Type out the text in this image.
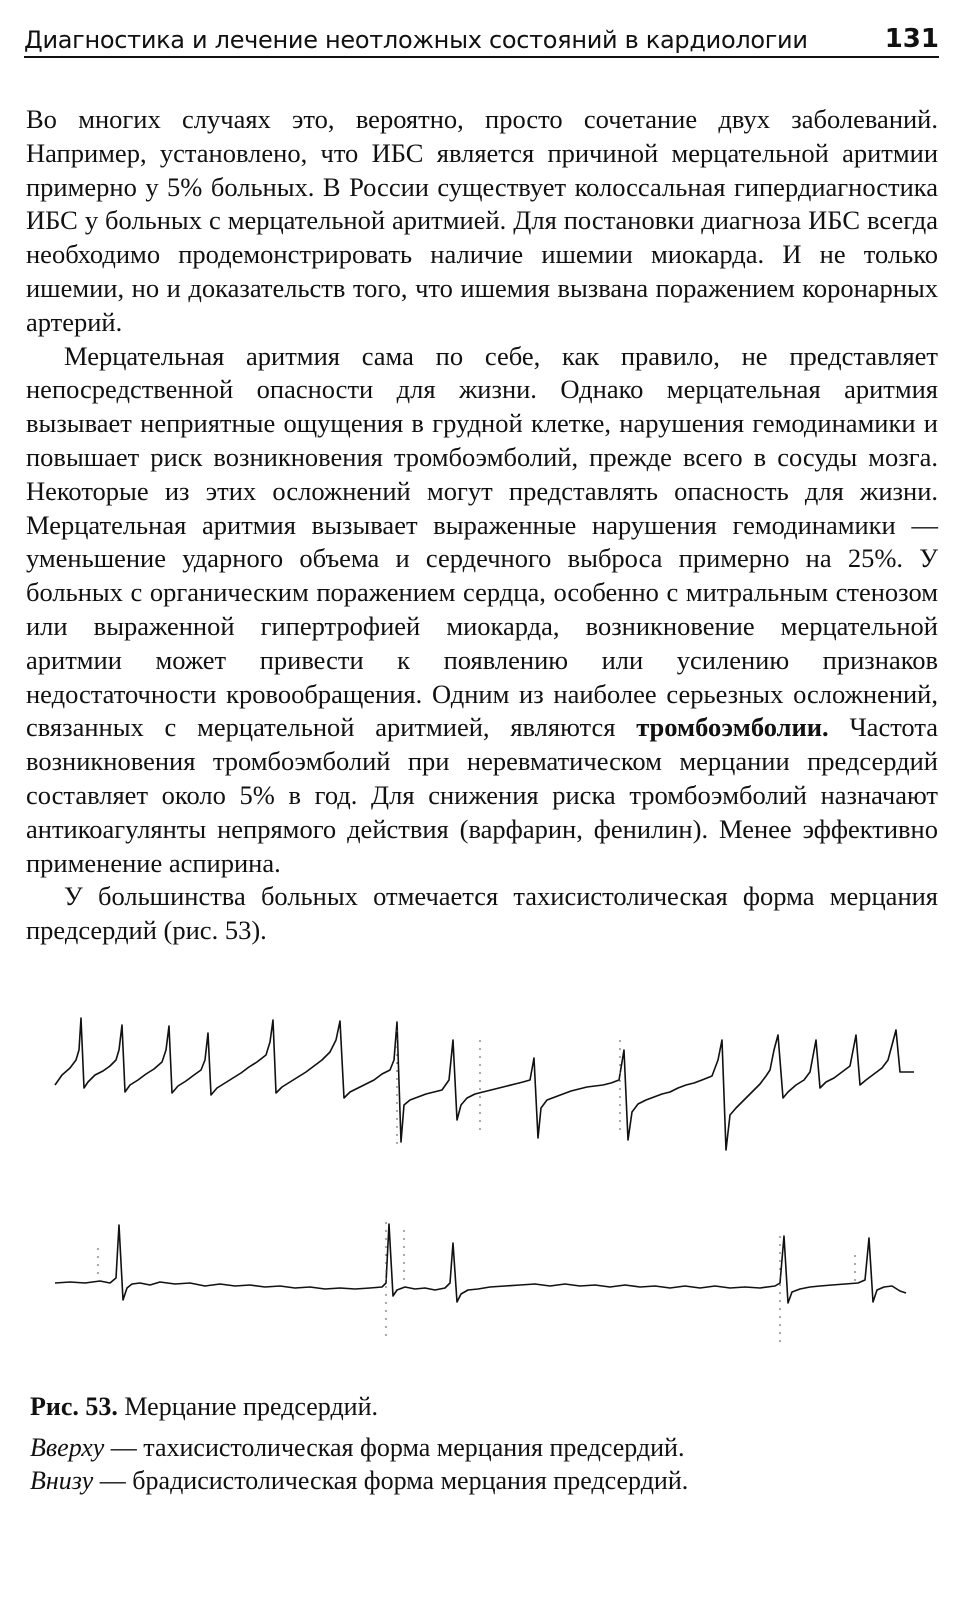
Диагностика и лечение неотложных состояний в кардиологии	131

Во многих случаях это, вероятно, просто сочетание двух заболеваний. Например, установлено, что ИБС является причиной мерцательной аритмии примерно у 5% больных. В России существует колоссальная гипердиагностика ИБС у больных с мерцательной аритмией. Для постановки диагноза ИБС всегда необходимо продемонстрировать наличие ишемии миокарда. И не только ишемии, но и доказательств того, что ишемия вызвана поражением коронарных артерий.

Мерцательная аритмия сама по себе, как правило, не представляет непосредственной опасности для жизни. Однако мерцательная аритмия вызывает неприятные ощущения в грудной клетке, нарушения гемодинамики и повышает риск возникновения тромбоэмболий, прежде всего в сосуды мозга. Некоторые из этих осложнений могут представлять опасность для жизни. Мерцательная аритмия вызывает выраженные нарушения гемодинамики — уменьшение ударного объема и сердечного выброса примерно на 25%. У больных с органическим поражением сердца, особенно с митральным стенозом или выраженной гипертрофией миокарда, возникновение мерцательной аритмии может привести к появлению или усилению признаков недостаточности кровообращения. Одним из наиболее серьезных осложнений, связанных с мерцательной аритмией, являются тромбоэмболии. Частота возникновения тромбоэмболий при неревматическом мерцании предсердий составляет около 5% в год. Для снижения риска тромбоэмболий назначают антикоагулянты непрямого действия (варфарин, фенилин). Менее эффективно применение аспирина.

У большинства больных отмечается тахисистолическая форма мерцания предсердий (рис. 53).

Рис. 53. Мерцание предсердий.
Вверху — тахисистолическая форма мерцания предсердий.
Внизу — брадисистолическая форма мерцания предсердий.
